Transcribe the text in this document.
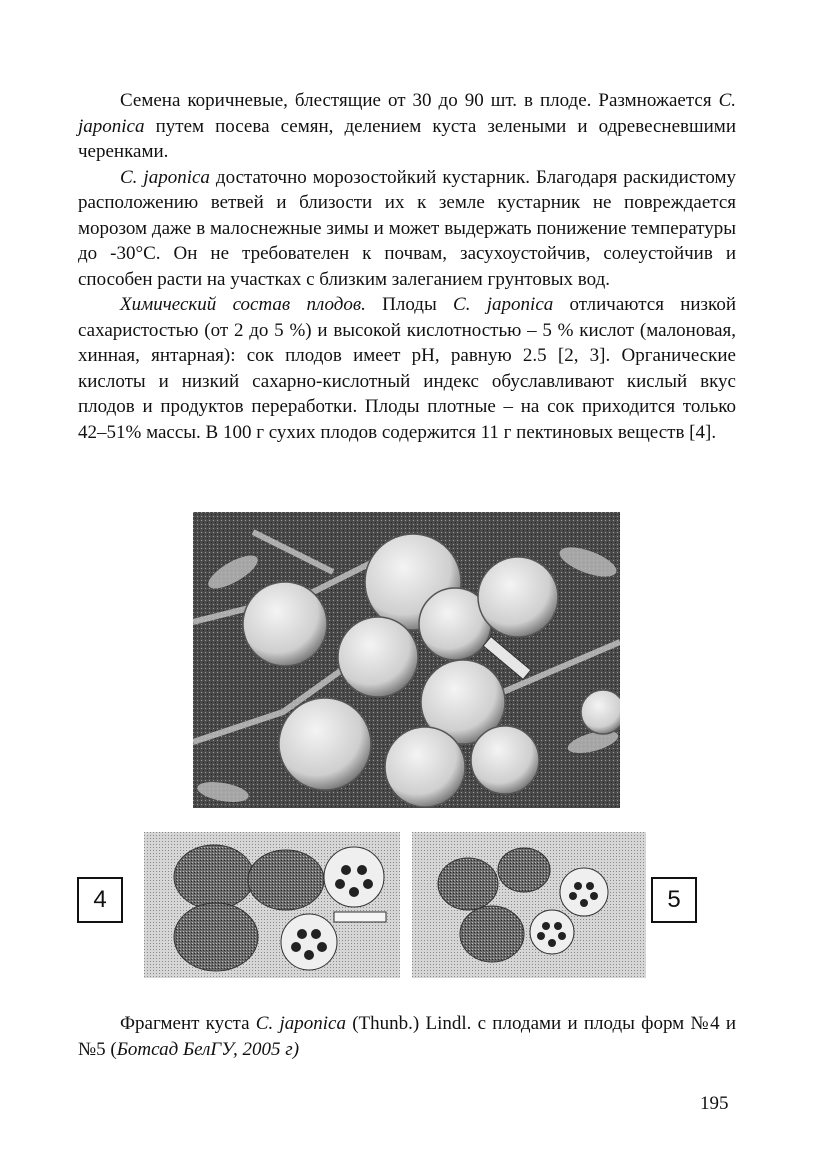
Семена коричневые, блестящие от 30 до 90 шт. в плоде. Размножается C. japonica путем посева семян, делением куста зелеными и одревесневшими черенками.

C. japonica достаточно морозостойкий кустарник. Благодаря раскидистому расположению ветвей и близости их к земле кустарник не повреждается морозом даже в малоснежные зимы и может выдержать понижение температуры до -30°С. Он не требователен к почвам, засухоустойчив, солеустойчив и способен расти на участках с близким залеганием грунтовых вод.

Химический состав плодов. Плоды C. japonica отличаются низкой сахаристостью (от 2 до 5 %) и высокой кислотностью – 5 % кислот (малоновая, хинная, янтарная): сок плодов имеет pH, равную 2.5 [2, 3]. Органические кислоты и низкий сахарно-кислотный индекс обуславливают кислый вкус плодов и продуктов переработки. Плоды плотные – на сок приходится только 42–51% массы. В 100 г сухих плодов содержится 11 г пектиновых веществ [4].

4	5

Фрагмент куста C. japonica (Thunb.) Lindl. с плодами и плоды форм №4 и №5 (Ботсад БелГУ, 2005 г)

195
